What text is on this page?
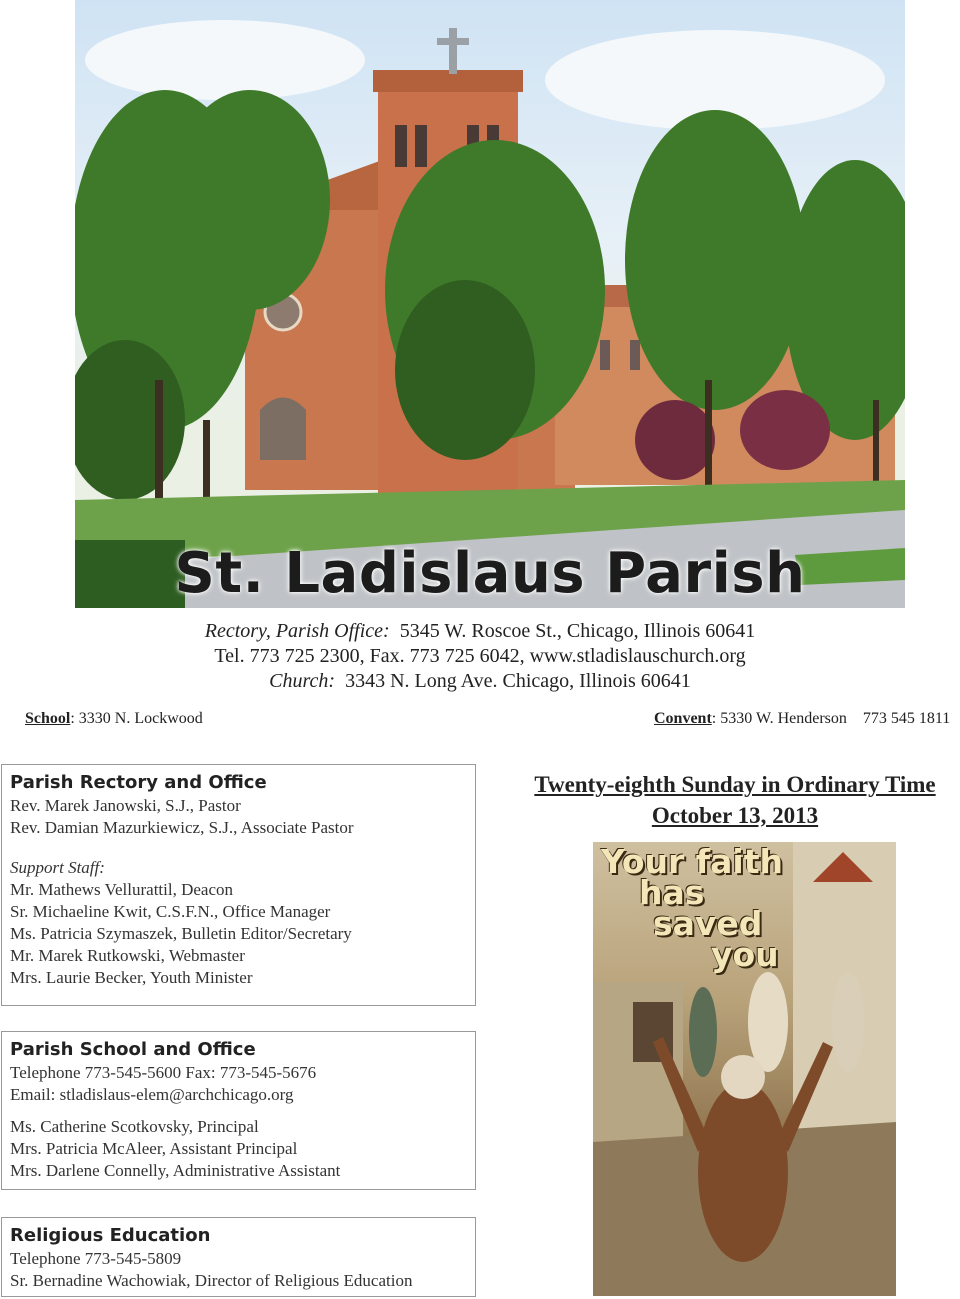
St. Ladislaus Parish
Rectory, Parish Office: 5345 W. Roscoe St., Chicago, Illinois 60641
Tel. 773 725 2300, Fax. 773 725 6042, www.stladislauschurch.org
Church: 3343 N. Long Ave. Chicago, Illinois 60641
School: 3330 N. Lockwood	Convent: 5330 W. Henderson 773 545 1811
Parish Rectory and Office
Rev. Marek Janowski, S.J., Pastor
Rev. Damian Mazurkiewicz, S.J., Associate Pastor
Support Staff:
Mr. Mathews Vellurattil, Deacon
Sr. Michaeline Kwit, C.S.F.N., Office Manager
Ms. Patricia Szymaszek, Bulletin Editor/Secretary
Mr. Marek Rutkowski, Webmaster
Mrs. Laurie Becker, Youth Minister
Parish School and Office
Telephone 773-545-5600 Fax: 773-545-5676
Email: stladislaus-elem@archchicago.org
Ms. Catherine Scotkovsky, Principal
Mrs. Patricia McAleer, Assistant Principal
Mrs. Darlene Connelly, Administrative Assistant
Religious Education
Telephone 773-545-5809
Sr. Bernadine Wachowiak, Director of Religious Education
Twenty-eighth Sunday in Ordinary Time
October 13, 2013
Your faith
has
saved
you
